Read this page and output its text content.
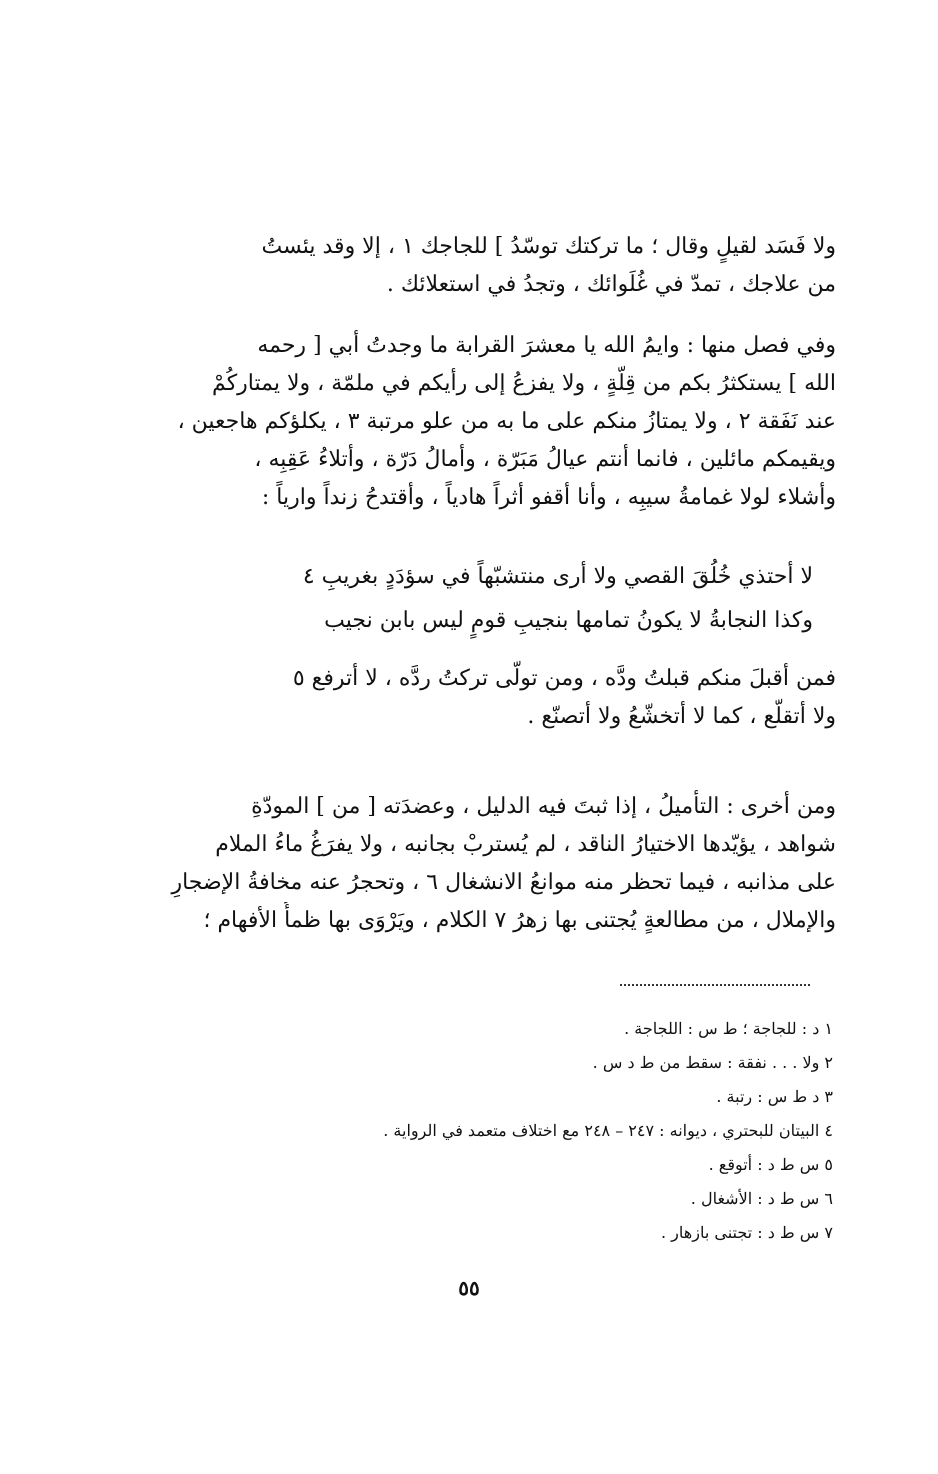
ولا فَسَد لقيلٍ وقال ؛ ما تركتك توسّدُ ] للجاجك ١ ، إلا وقد يئستُ
من علاجك ، تمدّ في غُلَوائك ، وتجدُ في استعلائك .
وفي فصل منها : وايمُ الله يا معشرَ القرابة ما وجدتُ أبي [ رحمه
الله ] يستكثرُ بكم من قِلّةٍ ، ولا يفزعُ إلى رأيكم في ملمّة ، ولا يمتاركُمْ
عند نَفَقة ٢ ، ولا يمتازُ منكم على ما به من علو مرتبة ٣ ، يكلؤكم هاجعين ،
ويقيمكم مائلين ، فانما أنتم عيالُ مَبَرّة ، وأمالُ دَرّة ، وأتلاءُ عَقِبِه ،
وأشلاء لولا غمامةُ سيبِه ، وأنا أقفو أثراً هادياً ، وأقتدحُ زنداً وارياً :
لا أحتذي خُلُقَ القصي ولا أرى منتشبّهاً في سؤدَدٍ بغريبِ ٤
وكذا النجابةُ لا يكونُ تمامها بنجيبِ قومٍ ليس بابن نجيب
فمن أقبلَ منكم قبلتُ ودَّه ، ومن تولّى تركتُ ردَّه ، لا أترفع ٥
ولا أتقلّع ، كما لا أتخشّعُ ولا أتصنّع .
ومن أخرى : التأميلُ ، إذا ثبتَ فيه الدليل ، وعضدَته [ من ] المودّةِ
شواهد ، يؤيّدها الاختيارُ الناقد ، لم يُستربْ بجانبه ، ولا يفرَغُ ماءُ الملام
على مذانبه ، فيما تحظر منه موانعُ الانشغال ٦ ، وتحجرُ عنه مخافةُ الإضجارِ
والإملال ، من مطالعةٍ يُجتنى بها زهرُ ٧ الكلام ، ويَرْوَى بها ظمأُ الأفهام ؛
١ د : للجاجة ؛ ط س : اللجاجة .
٢ ولا . . . نفقة : سقط من ط د س .
٣ د ط س : رتبة .
٤ البيتان للبحتري ، ديوانه : ٢٤٧ – ٢٤٨ مع اختلاف متعمد في الرواية .
٥ س ط د : أتوقع .
٦ س ط د : الأشغال .
٧ س ط د : تجتنى بازهار .
٥٥
